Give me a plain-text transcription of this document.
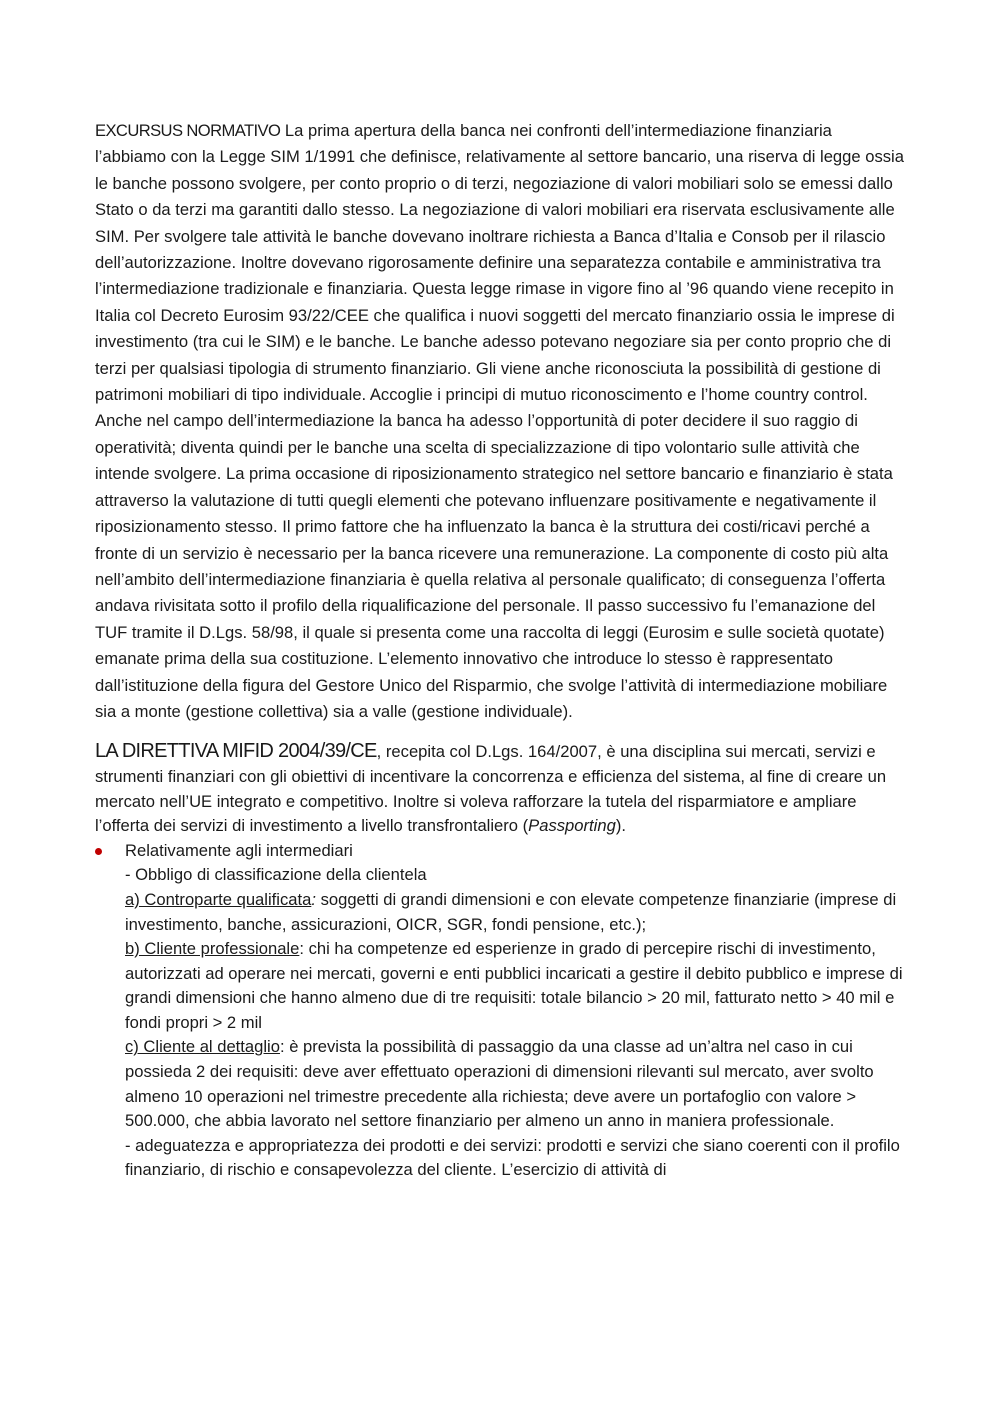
EXCURSUS NORMATIVO La prima apertura della banca nei confronti dell’intermediazione finanziaria l’abbiamo con la Legge SIM 1/1991 che definisce, relativamente al settore bancario, una riserva di legge ossia le banche possono svolgere, per conto proprio o di terzi, negoziazione di valori mobiliari solo se emessi dallo Stato o da terzi ma garantiti dallo stesso. La negoziazione di valori mobiliari era riservata esclusivamente alle SIM. Per svolgere tale attività le banche dovevano inoltrare richiesta a Banca d’Italia e Consob per il rilascio dell’autorizzazione. Inoltre dovevano rigorosamente definire una separatezza contabile e amministrativa tra l’intermediazione tradizionale e finanziaria. Questa legge rimase in vigore fino al ’96 quando viene recepito in Italia col Decreto Eurosim 93/22/CEE che qualifica i nuovi soggetti del mercato finanziario ossia le imprese di investimento (tra cui le SIM) e le banche. Le banche adesso potevano negoziare sia per conto proprio che di terzi per qualsiasi tipologia di strumento finanziario. Gli viene anche riconosciuta la possibilità di gestione di patrimoni mobiliari di tipo individuale. Accoglie i principi di mutuo riconoscimento e l’home country control. Anche nel campo dell’intermediazione la banca ha adesso l’opportunità di poter decidere il suo raggio di operatività; diventa quindi per le banche una scelta di specializzazione di tipo volontario sulle attività che intende svolgere. La prima occasione di riposizionamento strategico nel settore bancario e finanziario è stata attraverso la valutazione di tutti quegli elementi che potevano influenzare positivamente e negativamente il riposizionamento stesso. Il primo fattore che ha influenzato la banca è la struttura dei costi/ricavi perché a fronte di un servizio è necessario per la banca ricevere una remunerazione. La componente di costo più alta nell’ambito dell’intermediazione finanziaria è quella relativa al personale qualificato; di conseguenza l’offerta andava rivisitata sotto il profilo della riqualificazione del personale. Il passo successivo fu l’emanazione del TUF tramite il D.Lgs. 58/98, il quale si presenta come una raccolta di leggi (Eurosim e sulle società quotate) emanate prima della sua costituzione. L’elemento innovativo che introduce lo stesso è rappresentato dall’istituzione della figura del Gestore Unico del Risparmio, che svolge l’attività di intermediazione mobiliare sia a monte (gestione collettiva) sia a valle (gestione individuale).

LA DIRETTIVA MIFID 2004/39/CE, recepita col D.Lgs. 164/2007, è una disciplina sui mercati, servizi e strumenti finanziari con gli obiettivi di incentivare la concorrenza e efficienza del sistema, al fine di creare un mercato nell’UE integrato e competitivo. Inoltre si voleva rafforzare la tutela del risparmiatore e ampliare l’offerta dei servizi di investimento a livello transfrontaliero (Passporting).

Relativamente agli intermediari

- Obbligo di classificazione della clientela

a) Controparte qualificata: soggetti di grandi dimensioni e con elevate competenze finanziarie (imprese di investimento, banche, assicurazioni, OICR, SGR, fondi pensione, etc.);

b) Cliente professionale: chi ha competenze ed esperienze in grado di percepire rischi di investimento, autorizzati ad operare nei mercati, governi e enti pubblici incaricati a gestire il debito pubblico e imprese di grandi dimensioni che hanno almeno due di tre requisiti: totale bilancio > 20 mil, fatturato netto > 40 mil e fondi propri > 2 mil

c) Cliente al dettaglio: è prevista la possibilità di passaggio da una classe ad un’altra nel caso in cui possieda 2 dei requisiti: deve aver effettuato operazioni di dimensioni rilevanti sul mercato, aver svolto almeno 10 operazioni nel trimestre precedente alla richiesta; deve avere un portafoglio con valore > 500.000, che abbia lavorato nel settore finanziario per almeno un anno in maniera professionale.

- adeguatezza e appropriatezza dei prodotti e dei servizi: prodotti e servizi che siano coerenti con il profilo finanziario, di rischio e consapevolezza del cliente. L’esercizio di attività di
